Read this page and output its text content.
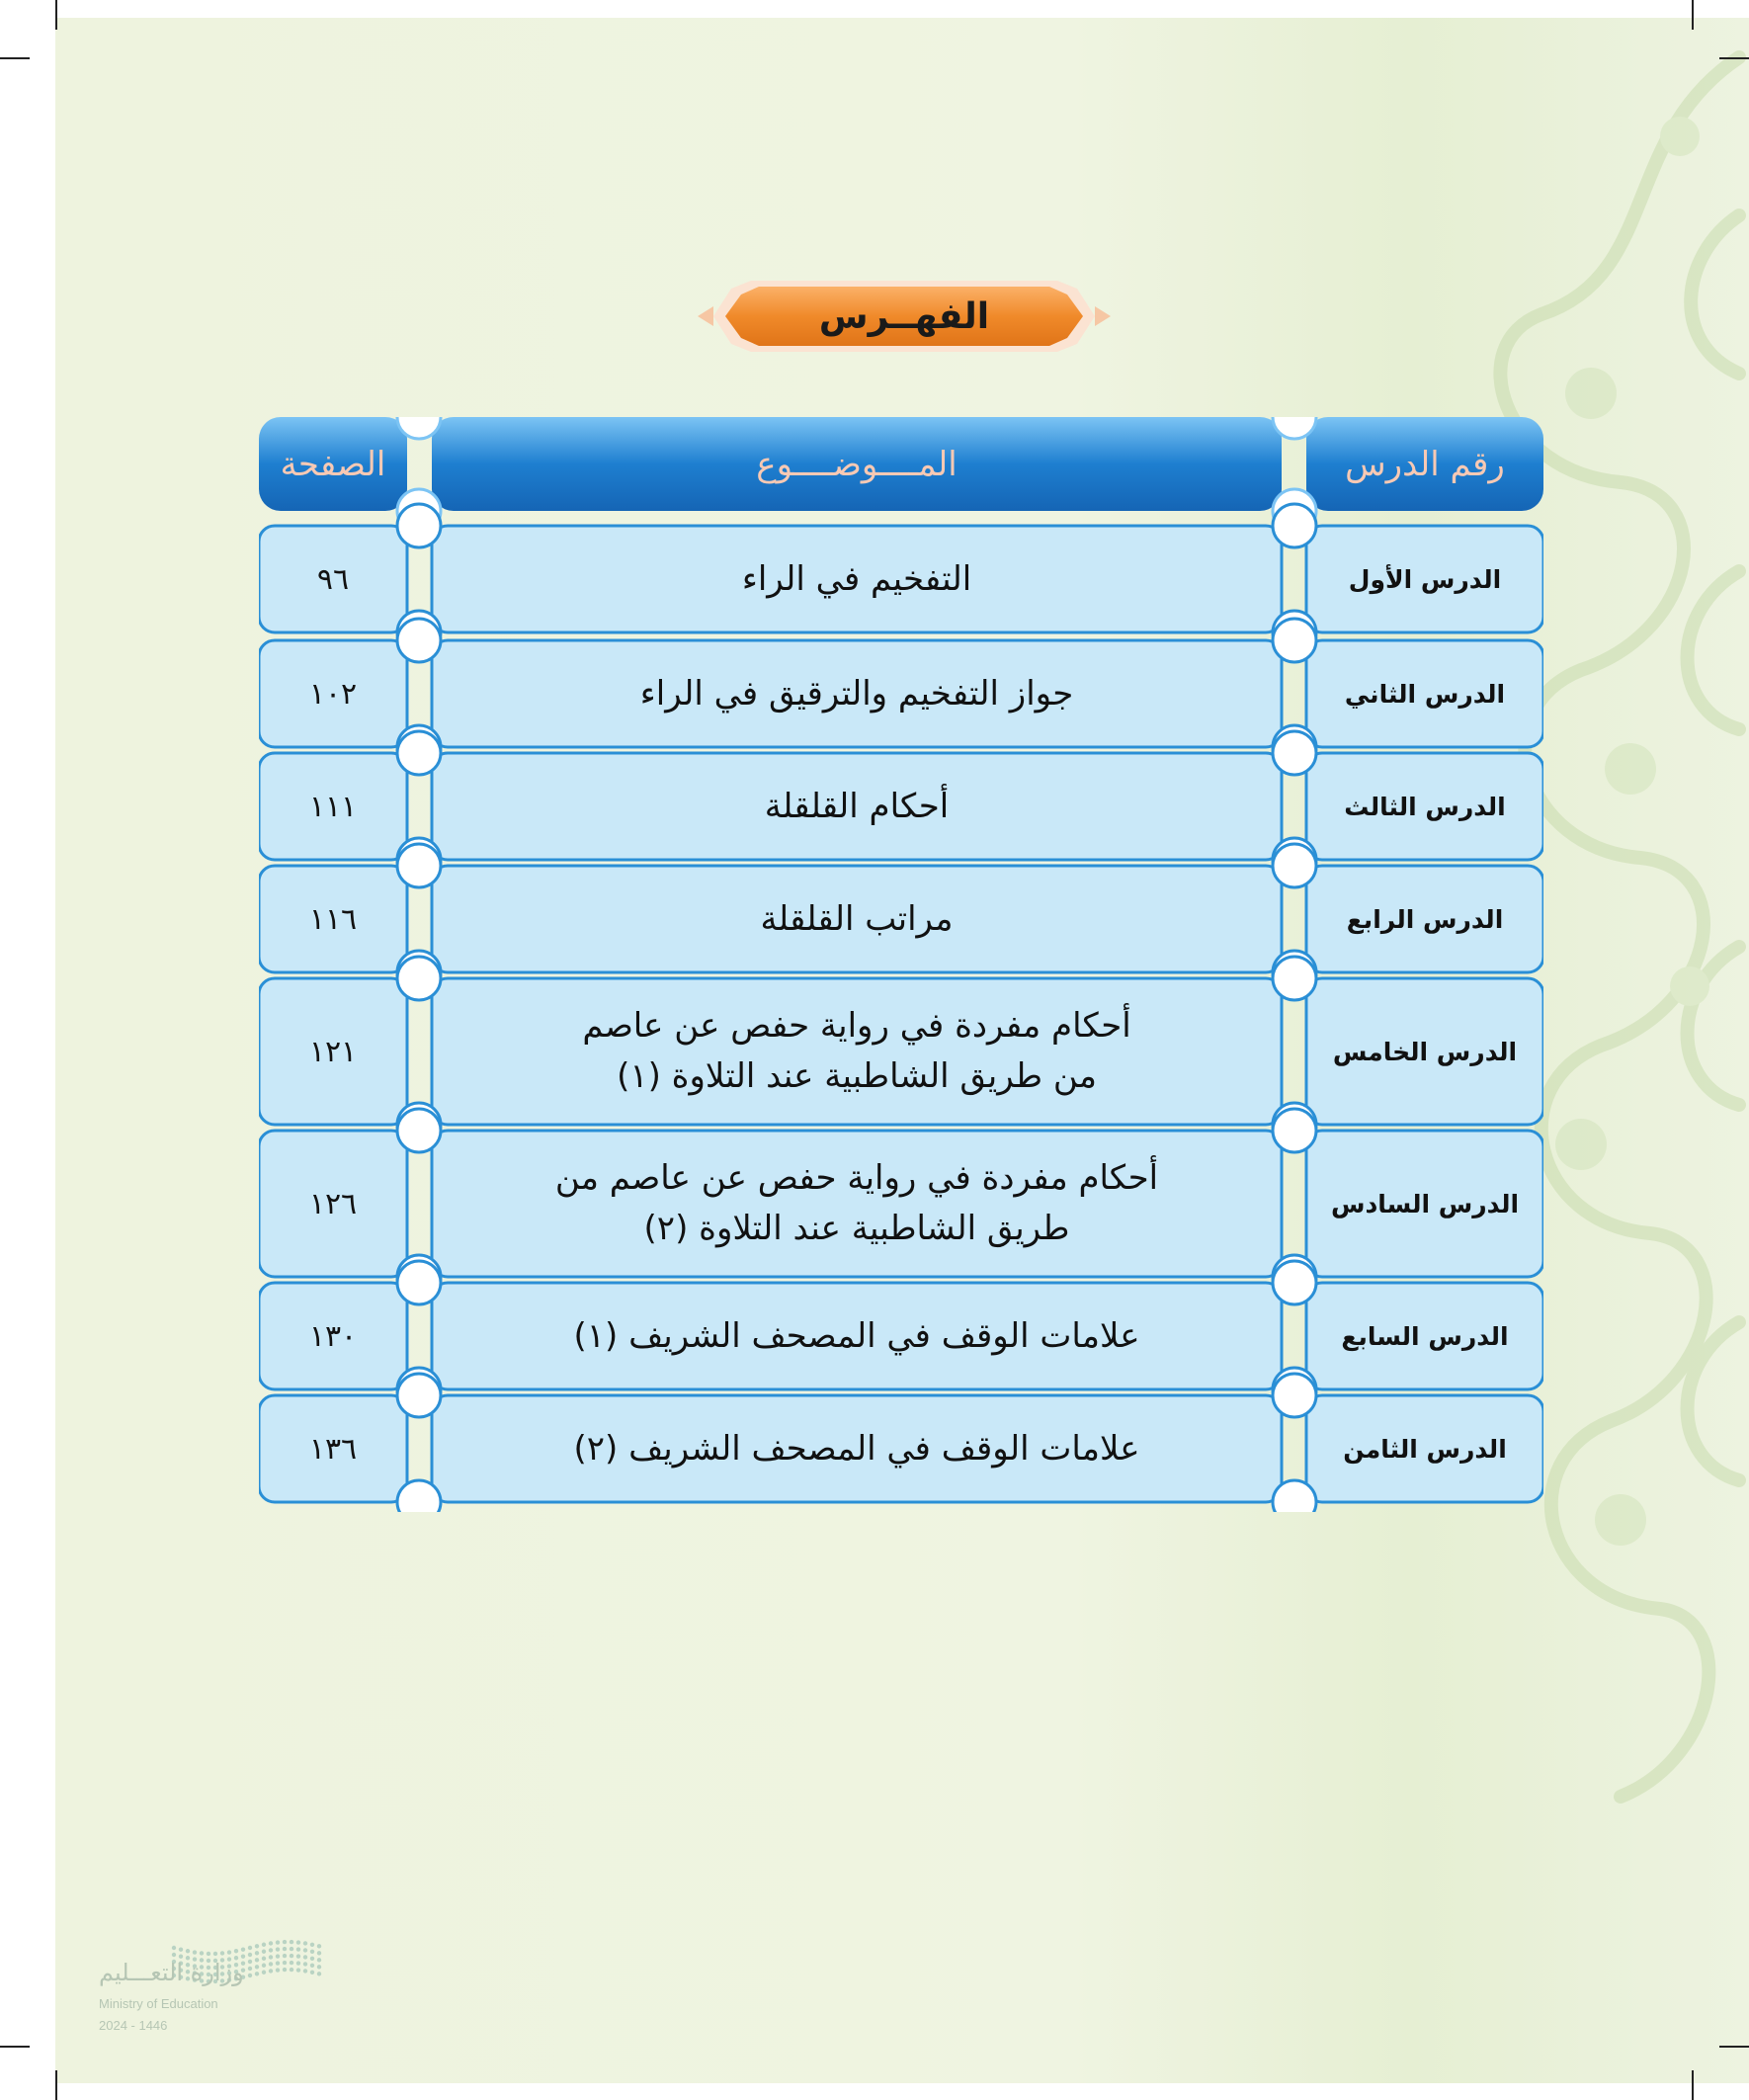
الفهــرس
رقم الدرس
المــــوضــــوع
الصفحة
الدرس الأول
التفخيم في الراء
٩٦
الدرس الثاني
جواز التفخيم والترقيق في الراء
١٠٢
الدرس الثالث
أحكام القلقلة
١١١
الدرس الرابع
مراتب القلقلة
١١٦
الدرس الخامس
أحكام مفردة في رواية حفص عن عاصم
من طريق الشاطبية عند التلاوة (١)
١٢١
الدرس السادس
أحكام مفردة في رواية حفص عن عاصم من
طريق الشاطبية عند التلاوة (٢)
١٢٦
الدرس السابع
علامات الوقف في المصحف الشريف (١)
١٣٠
الدرس الثامن
علامات الوقف في المصحف الشريف (٢)
١٣٦
وزارة التعـــليم
Ministry of Education
2024 - 1446
